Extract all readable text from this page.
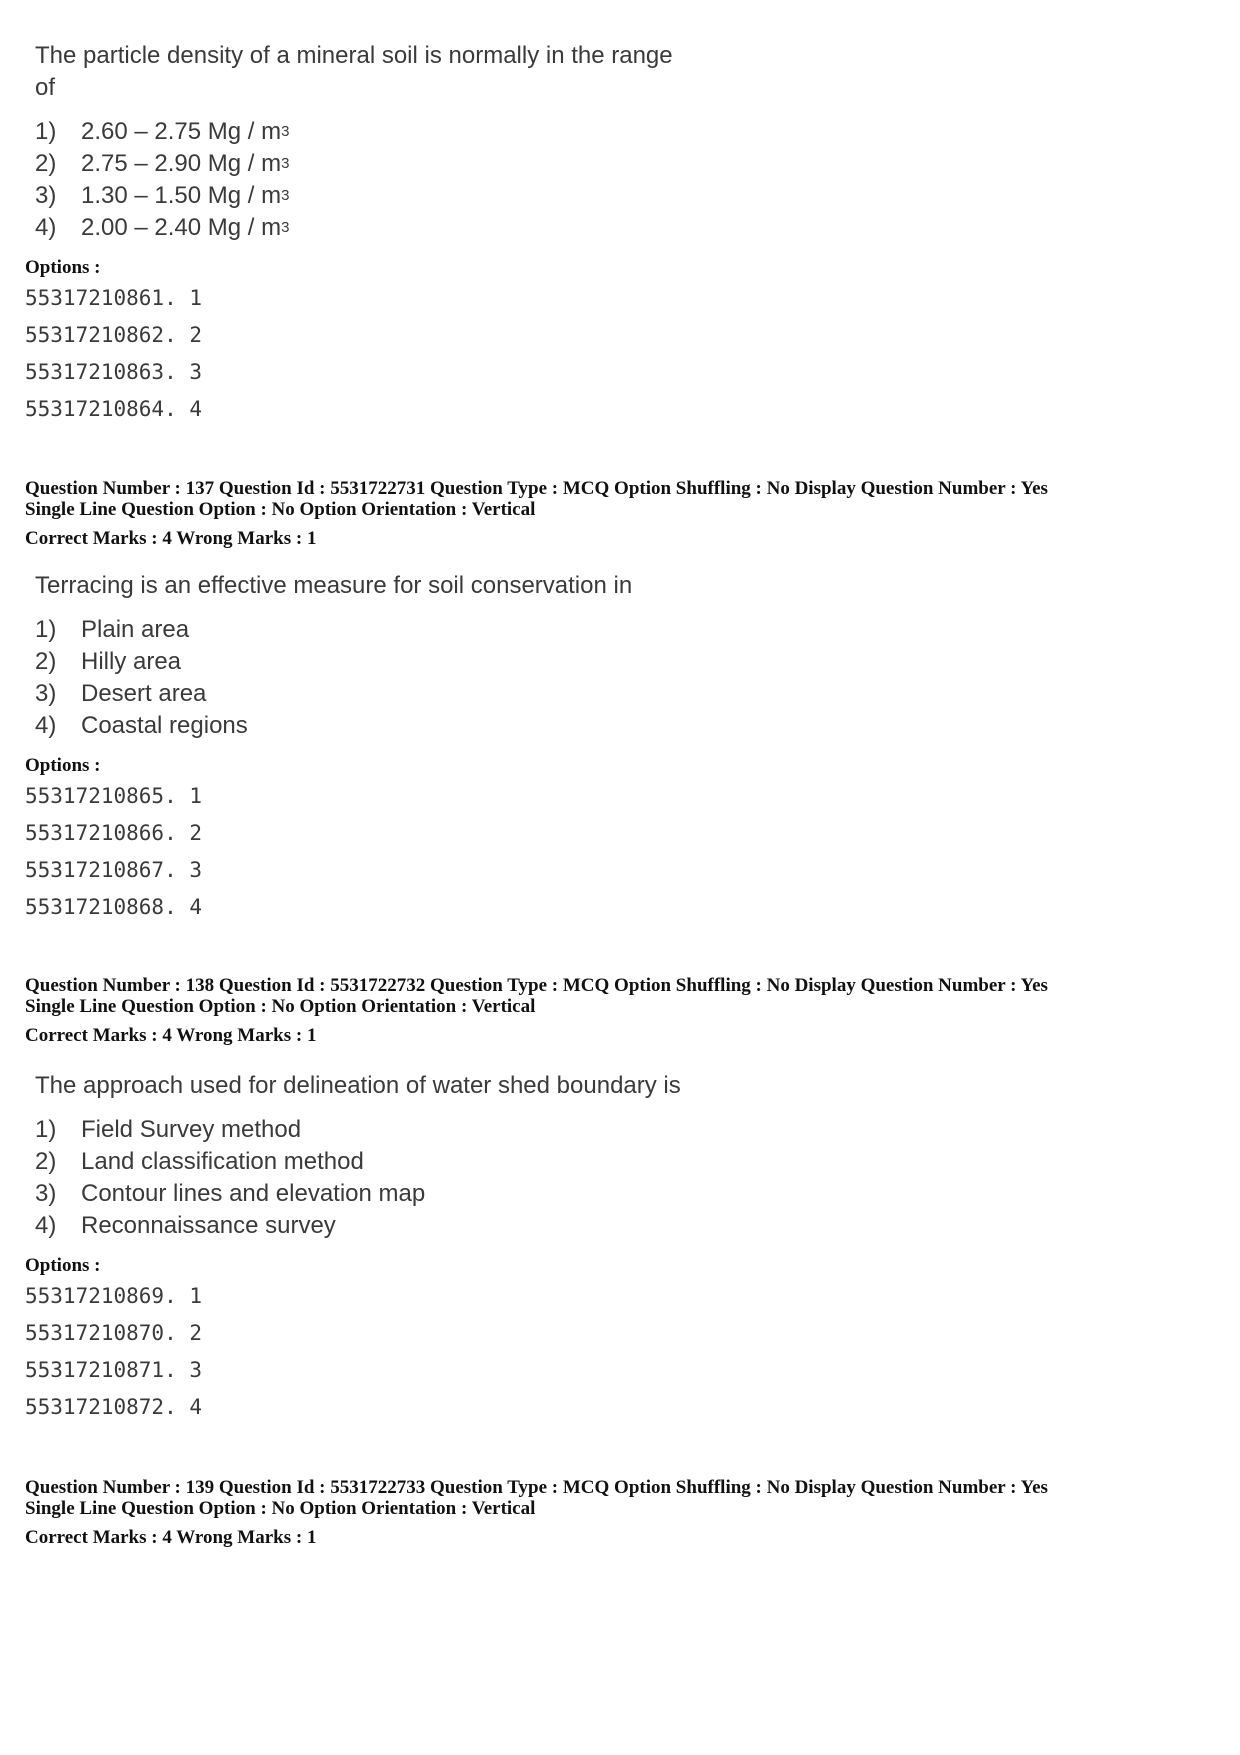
The particle density of a mineral soil is normally in the range
of
1)	2.60 – 2.75 Mg / m 3
2)	2.75 – 2.90 Mg / m 3
3)	1.30 – 1.50 Mg / m 3
4)	2.00 – 2.40 Mg / m 3
Options :
55317210861. 1
55317210862. 2
55317210863. 3
55317210864. 4
Question Number : 137 Question Id : 5531722731 Question Type : MCQ Option Shuffling : No Display Question Number : Yes
Single Line Question Option : No Option Orientation : Vertical
Correct Marks : 4 Wrong Marks : 1
Terracing is an effective measure for soil conservation in
1)	Plain area
2)	Hilly area
3)	Desert area
4)	Coastal regions
Options :
55317210865. 1
55317210866. 2
55317210867. 3
55317210868. 4
Question Number : 138 Question Id : 5531722732 Question Type : MCQ Option Shuffling : No Display Question Number : Yes
Single Line Question Option : No Option Orientation : Vertical
Correct Marks : 4 Wrong Marks : 1
The approach used for delineation of water shed boundary is
1)	Field Survey method
2)	Land classification method
3)	Contour lines and elevation map
4)	Reconnaissance survey
Options :
55317210869. 1
55317210870. 2
55317210871. 3
55317210872. 4
Question Number : 139 Question Id : 5531722733 Question Type : MCQ Option Shuffling : No Display Question Number : Yes
Single Line Question Option : No Option Orientation : Vertical
Correct Marks : 4 Wrong Marks : 1
